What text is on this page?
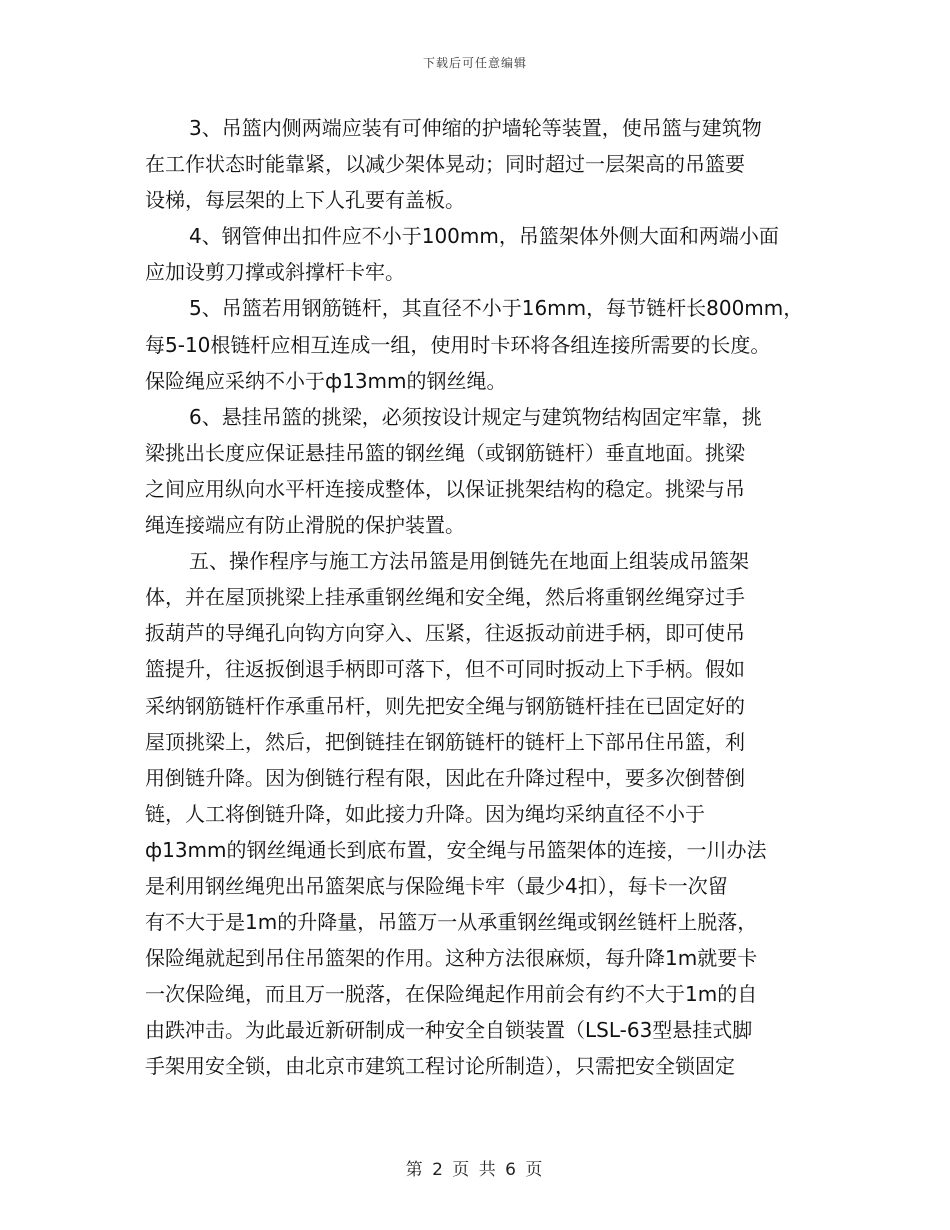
下载后可任意编辑

3、吊篮内侧两端应装有可伸缩的护墙轮等装置，使吊篮与建筑物
在工作状态时能靠紧，以减少架体晃动；同时超过一层架高的吊篮要
设梯，每层架的上下人孔要有盖板。

4、钢管伸出扣件应不小于100mm，吊篮架体外侧大面和两端小面
应加设剪刀撑或斜撑杆卡牢。

5、吊篮若用钢筋链杆，其直径不小于16mm，每节链杆长800mm，
每5-10根链杆应相互连成一组，使用时卡环将各组连接所需要的长度。
保险绳应采纳不小于ф13mm的钢丝绳。

6、悬挂吊篮的挑梁，必须按设计规定与建筑物结构固定牢靠，挑
梁挑出长度应保证悬挂吊篮的钢丝绳（或钢筋链杆）垂直地面。挑梁
之间应用纵向水平杆连接成整体，以保证挑架结构的稳定。挑梁与吊
绳连接端应有防止滑脱的保护装置。

五、操作程序与施工方法吊篮是用倒链先在地面上组装成吊篮架
体，并在屋顶挑梁上挂承重钢丝绳和安全绳，然后将重钢丝绳穿过手
扳葫芦的导绳孔向钩方向穿入、压紧，往返扳动前进手柄，即可使吊
篮提升，往返扳倒退手柄即可落下，但不可同时扳动上下手柄。假如
采纳钢筋链杆作承重吊杆，则先把安全绳与钢筋链杆挂在已固定好的
屋顶挑梁上，然后，把倒链挂在钢筋链杆的链杆上下部吊住吊篮，利
用倒链升降。因为倒链行程有限，因此在升降过程中，要多次倒替倒
链，人工将倒链升降，如此接力升降。因为绳均采纳直径不小于
ф13mm的钢丝绳通长到底布置，安全绳与吊篮架体的连接，一川办法
是利用钢丝绳兜出吊篮架底与保险绳卡牢（最少4扣），每卡一次留
有不大于是1m的升降量，吊篮万一从承重钢丝绳或钢丝链杆上脱落，
保险绳就起到吊住吊篮架的作用。这种方法很麻烦，每升降1m就要卡
一次保险绳，而且万一脱落，在保险绳起作用前会有约不大于1m的自
由跌冲击。为此最近新研制成一种安全自锁装置（LSL-63型悬挂式脚
手架用安全锁，由北京市建筑工程讨论所制造），只需把安全锁固定

第 2 页 共 6 页
